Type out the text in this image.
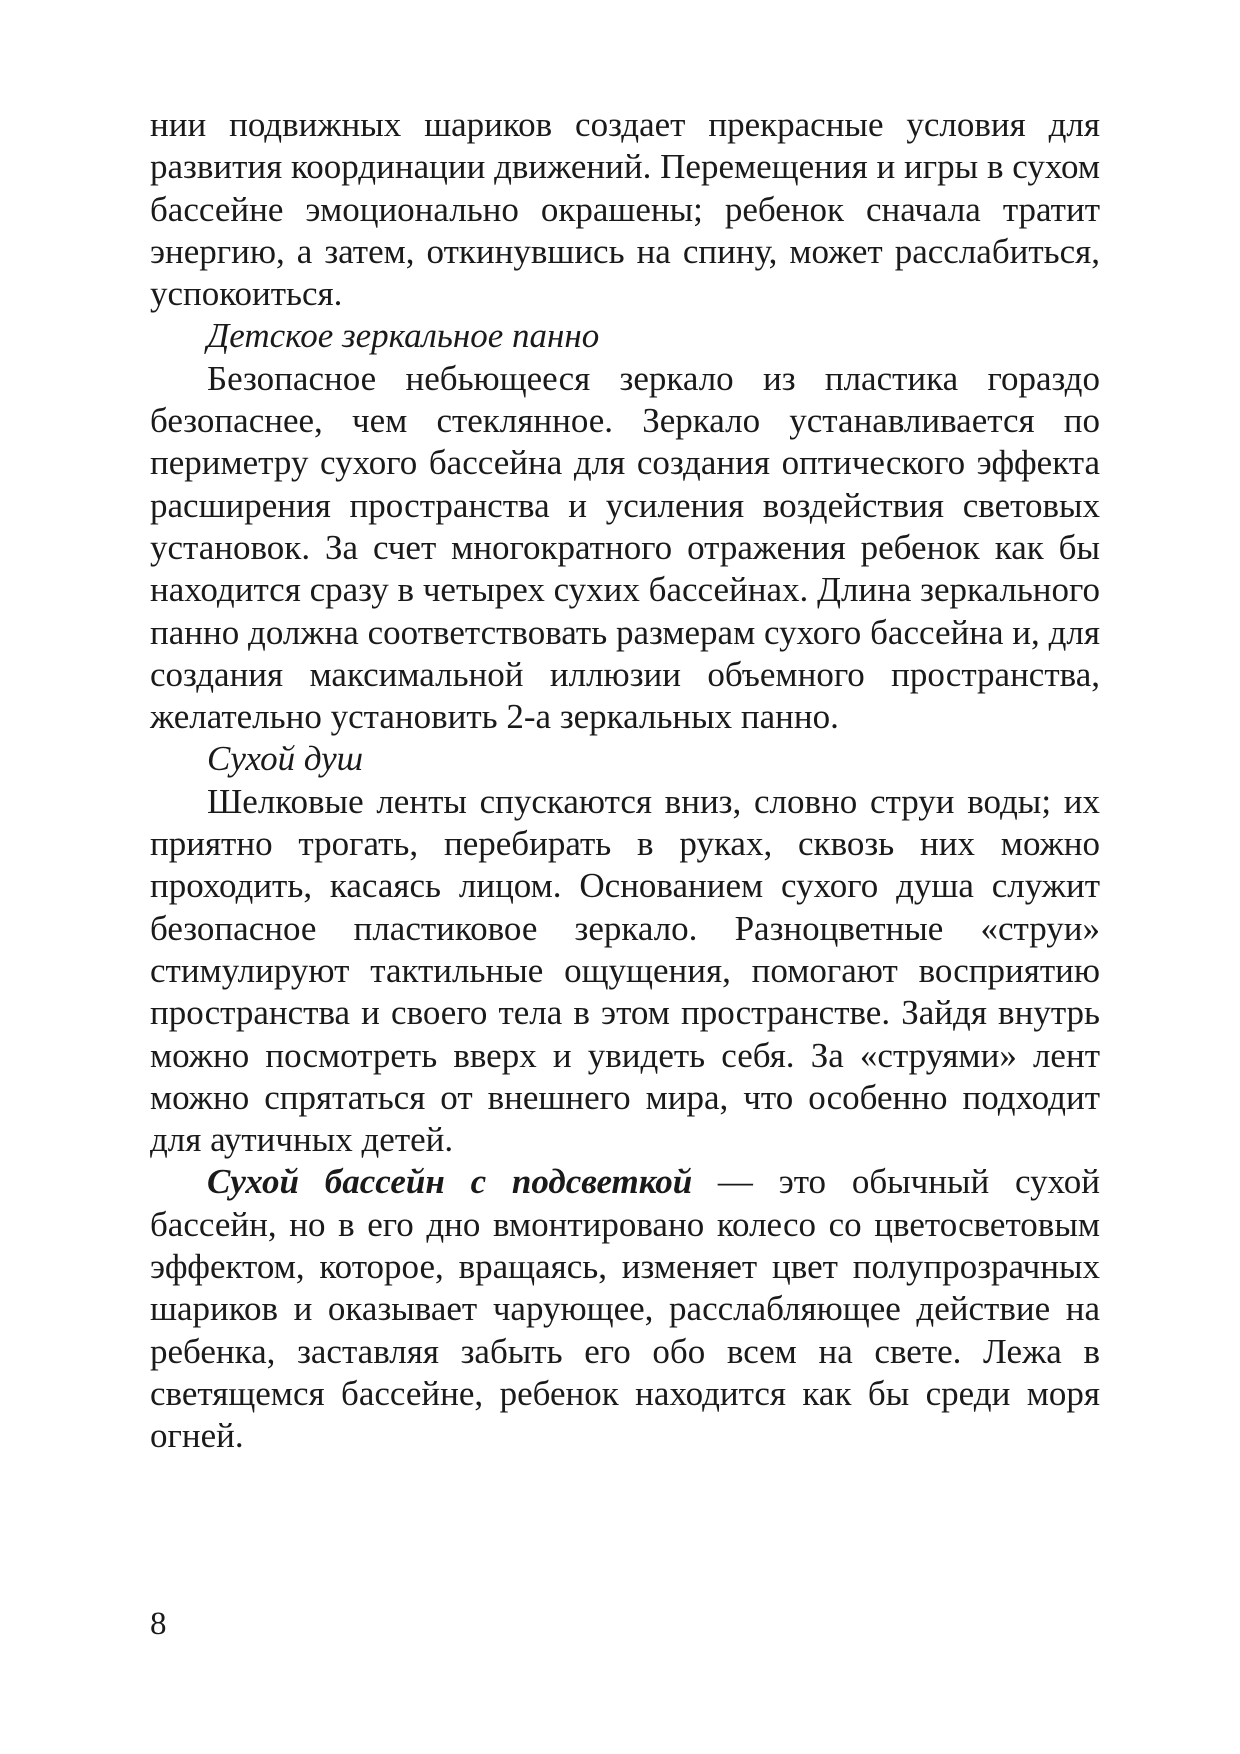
нии подвижных шариков создает прекрасные условия для развития координации движений. Перемещения и игры в сухом бассейне эмоционально окрашены; ребенок сначала тратит энергию, а затем, откинувшись на спину, может расслабиться, успокоиться.

Детское зеркальное панно

Безопасное небьющееся зеркало из пластика гораздо безопаснее, чем стеклянное. Зеркало устанавливается по периметру сухого бассейна для создания оптического эффекта расширения пространства и усиления воздействия световых установок. За счет многократного отражения ребенок как бы находится сразу в четырех сухих бассейнах. Длина зеркального панно должна соответствовать размерам сухого бассейна и, для создания максимальной иллюзии объемного пространства, желательно установить 2-а зеркальных панно.

Сухой душ

Шелковые ленты спускаются вниз, словно струи воды; их приятно трогать, перебирать в руках, сквозь них можно проходить, касаясь лицом. Основанием сухого душа служит безопасное пластиковое зеркало. Разноцветные «струи» стимулируют тактильные ощущения, помогают восприятию пространства и своего тела в этом пространстве. Зайдя внутрь можно посмотреть вверх и увидеть себя. За «струями» лент можно спрятаться от внешнего мира, что особенно подходит для аутичных детей.

Сухой бассейн с подсветкой — это обычный сухой бассейн, но в его дно вмонтировано колесо со цветосветовым эффектом, которое, вращаясь, изменяет цвет полупрозрачных шариков и оказывает чарующее, расслабляющее действие на ребенка, заставляя забыть его обо всем на свете. Лежа в светящемся бассейне, ребенок находится как бы среди моря огней.

8
